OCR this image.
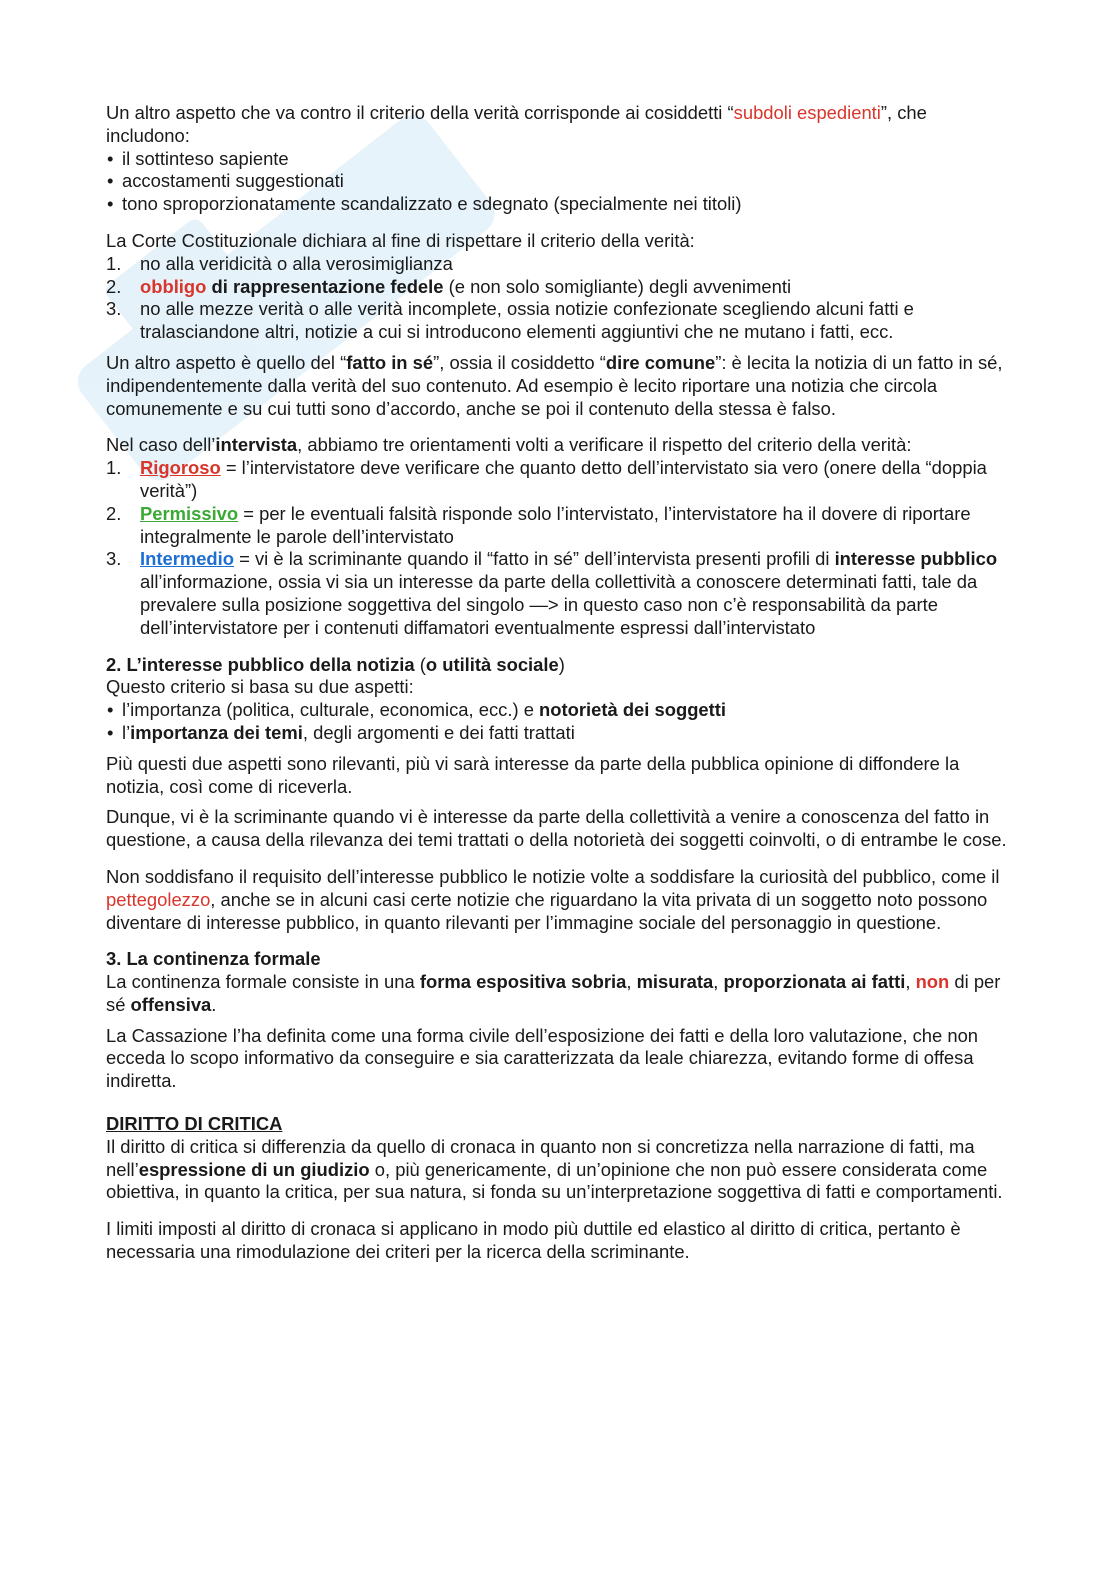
Un altro aspetto che va contro il criterio della verità corrisponde ai cosiddetti “subdoli espedienti”, che includono:

• il sottinteso sapiente
• accostamenti suggestionati
• tono sproporzionatamente scandalizzato e sdegnato (specialmente nei titoli)

La Corte Costituzionale dichiara al fine di rispettare il criterio della verità:

1.	no alla veridicità o alla verosimiglianza
2.	obbligo di rappresentazione fedele (e non solo somigliante) degli avvenimenti
3.	no alle mezze verità o alle verità incomplete, ossia notizie confezionate scegliendo alcuni fatti e tralasciandone altri, notizie a cui si introducono elementi aggiuntivi che ne mutano i fatti, ecc.

Un altro aspetto è quello del “fatto in sé”, ossia il cosiddetto “dire comune”: è lecita la notizia di un fatto in sé, indipendentemente dalla verità del suo contenuto. Ad esempio è lecito riportare una notizia che circola comunemente e su cui tutti sono d’accordo, anche se poi il contenuto della stessa è falso.

Nel caso dell’intervista, abbiamo tre orientamenti volti a verificare il rispetto del criterio della verità:

1.	Rigoroso = l’intervistatore deve verificare che quanto detto dell’intervistato sia vero (onere della “doppia verità”)
2.	Permissivo = per le eventuali falsità risponde solo l’intervistato, l’intervistatore ha il dovere di riportare integralmente le parole dell’intervistato
3.	Intermedio = vi è la scriminante quando il “fatto in sé” dell’intervista presenti profili di interesse pubblico all’informazione, ossia vi sia un interesse da parte della collettività a conoscere determinati fatti, tale da prevalere sulla posizione soggettiva del singolo —> in questo caso non c’è responsabilità da parte dell’intervistatore per i contenuti diffamatori eventualmente espressi dall’intervistato

2. L’interesse pubblico della notizia (o utilità sociale)

Questo criterio si basa su due aspetti:

• l’importanza (politica, culturale, economica, ecc.) e notorietà dei soggetti
• l’importanza dei temi, degli argomenti e dei fatti trattati

Più questi due aspetti sono rilevanti, più vi sarà interesse da parte della pubblica opinione di diffondere la notizia, così come di riceverla.

Dunque, vi è la scriminante quando vi è interesse da parte della collettività a venire a conoscenza del fatto in questione, a causa della rilevanza dei temi trattati o della notorietà dei soggetti coinvolti, o di entrambe le cose.

Non soddisfano il requisito dell’interesse pubblico le notizie volte a soddisfare la curiosità del pubblico, come il pettegolezzo, anche se in alcuni casi certe notizie che riguardano la vita privata di un soggetto noto possono diventare di interesse pubblico, in quanto rilevanti per l’immagine sociale del personaggio in questione.

3. La continenza formale

La continenza formale consiste in una forma espositiva sobria, misurata, proporzionata ai fatti, non di per sé offensiva.

La Cassazione l’ha definita come una forma civile dell’esposizione dei fatti e della loro valutazione, che non ecceda lo scopo informativo da conseguire e sia caratterizzata da leale chiarezza, evitando forme di offesa indiretta.

DIRITTO DI CRITICA

Il diritto di critica si differenzia da quello di cronaca in quanto non si concretizza nella narrazione di fatti, ma nell’espressione di un giudizio o, più genericamente, di un’opinione che non può essere considerata come obiettiva, in quanto la critica, per sua natura, si fonda su un’interpretazione soggettiva di fatti e comportamenti.

I limiti imposti al diritto di cronaca si applicano in modo più duttile ed elastico al diritto di critica, pertanto è necessaria una rimodulazione dei criteri per la ricerca della scriminante.
